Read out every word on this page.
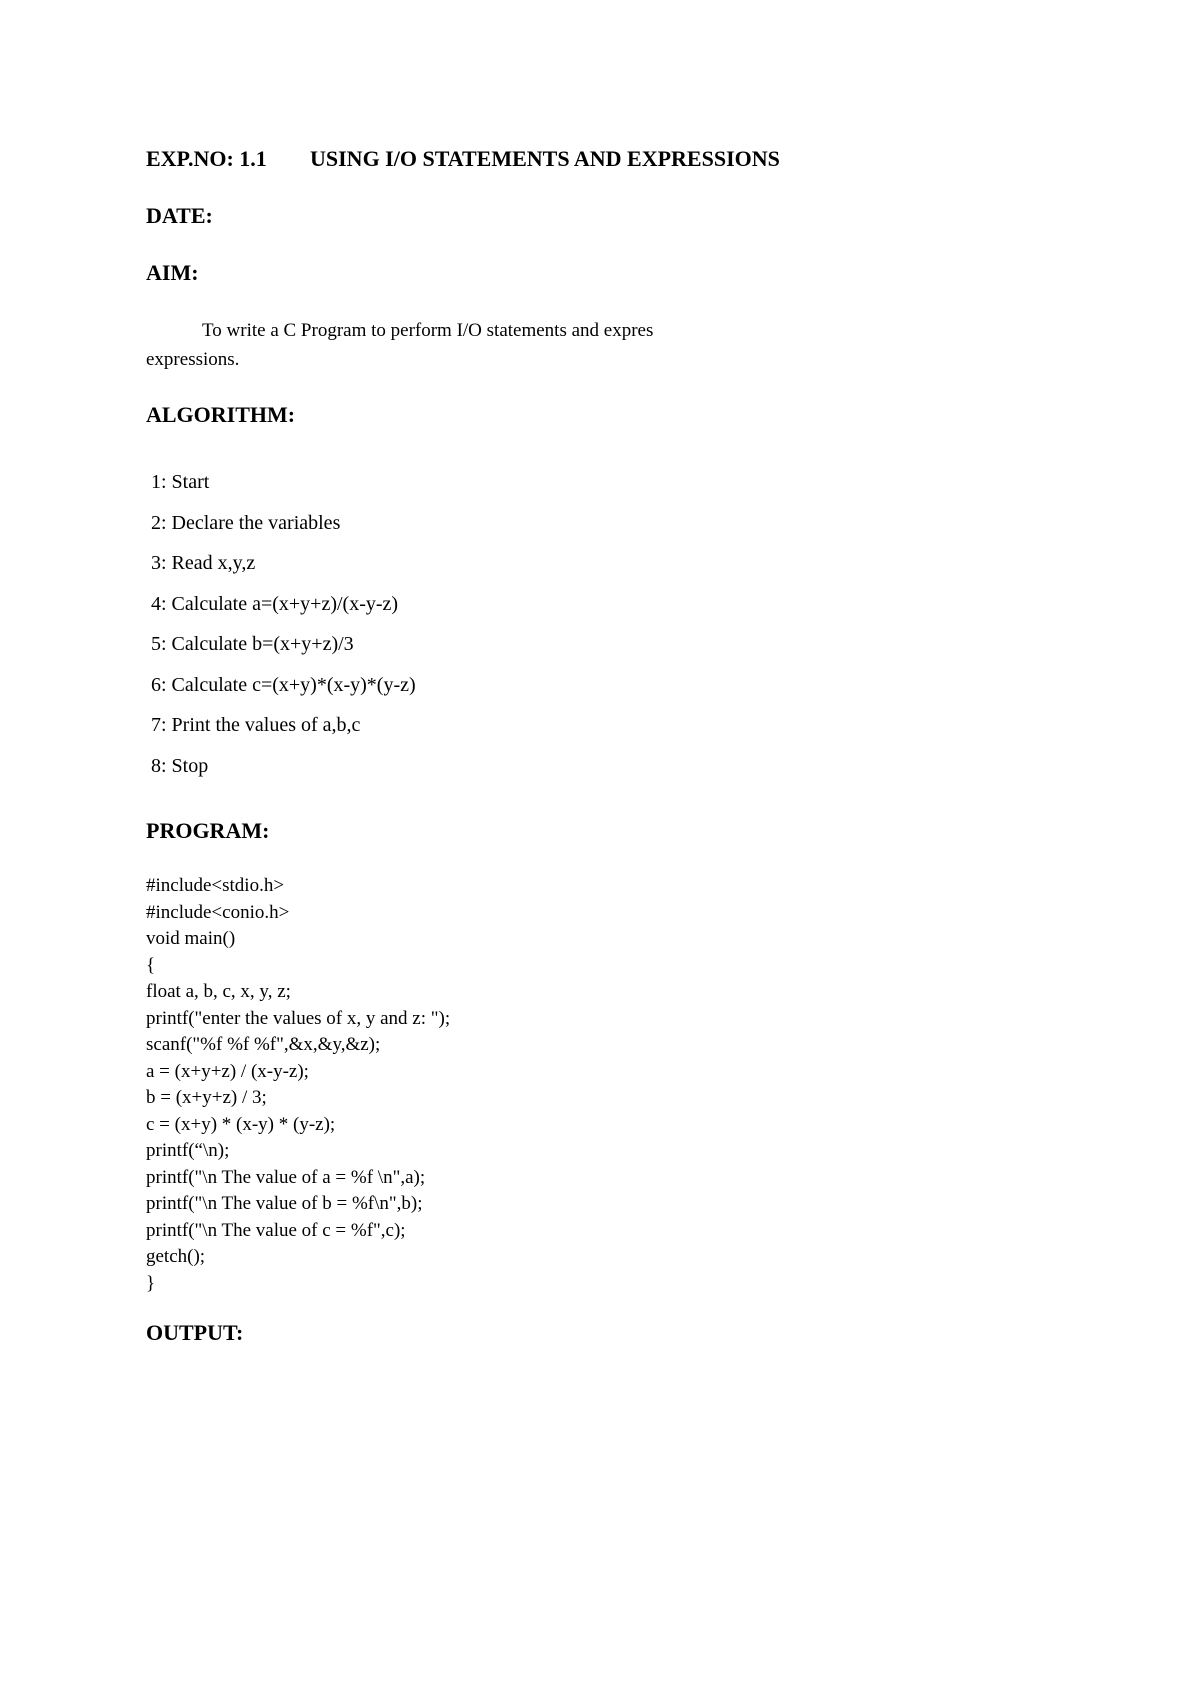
EXP.NO: 1.1 USING I/O STATEMENTS AND EXPRESSIONS
DATE:
AIM:
To write a C Program to perform I/O statements and expres
expressions.
ALGORITHM:
1: Start
2: Declare the variables
3: Read x,y,z
4: Calculate a=(x+y+z)/(x-y-z)
5: Calculate b=(x+y+z)/3
6: Calculate c=(x+y)*(x-y)*(y-z)
7: Print the values of a,b,c
8: Stop
PROGRAM:
#include<stdio.h>
#include<conio.h>
void main()
{
float a, b, c, x, y, z;
printf("enter the values of x, y and z: ");
scanf("%f %f %f",&x,&y,&z);
a = (x+y+z) / (x-y-z);
b = (x+y+z) / 3;
c = (x+y) * (x-y) * (y-z);
printf(“\n);
printf("\n The value of a = %f \n",a);
printf("\n The value of b = %f\n",b);
printf("\n The value of c = %f",c);
getch();
}
OUTPUT:
